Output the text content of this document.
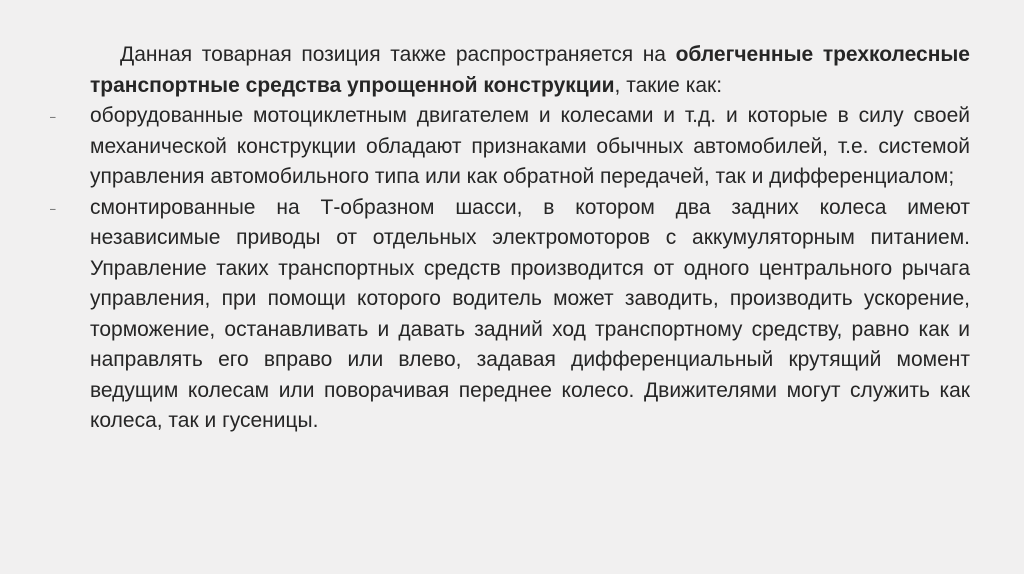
Данная товарная позиция также распространяется на облегченные трехколесные транспортные средства упрощенной конструкции, такие как:

– оборудованные мотоциклетным двигателем и колесами и т.д. и которые в силу своей механической конструкции обладают признаками обычных автомобилей, т.е. системой управления автомобильного типа или как обратной передачей, так и дифференциалом;
– смонтированные на Т-образном шасси, в котором два задних колеса имеют независимые приводы от отдельных электромоторов с аккумуляторным питанием. Управление таких транспортных средств производится от одного центрального рычага управления, при помощи которого водитель может заводить, производить ускорение, торможение, останавливать и давать задний ход транспортному средству, равно как и направлять его вправо или влево, задавая дифференциальный крутящий момент ведущим колесам или поворачивая переднее колесо. Движителями могут служить как колеса, так и гусеницы.
